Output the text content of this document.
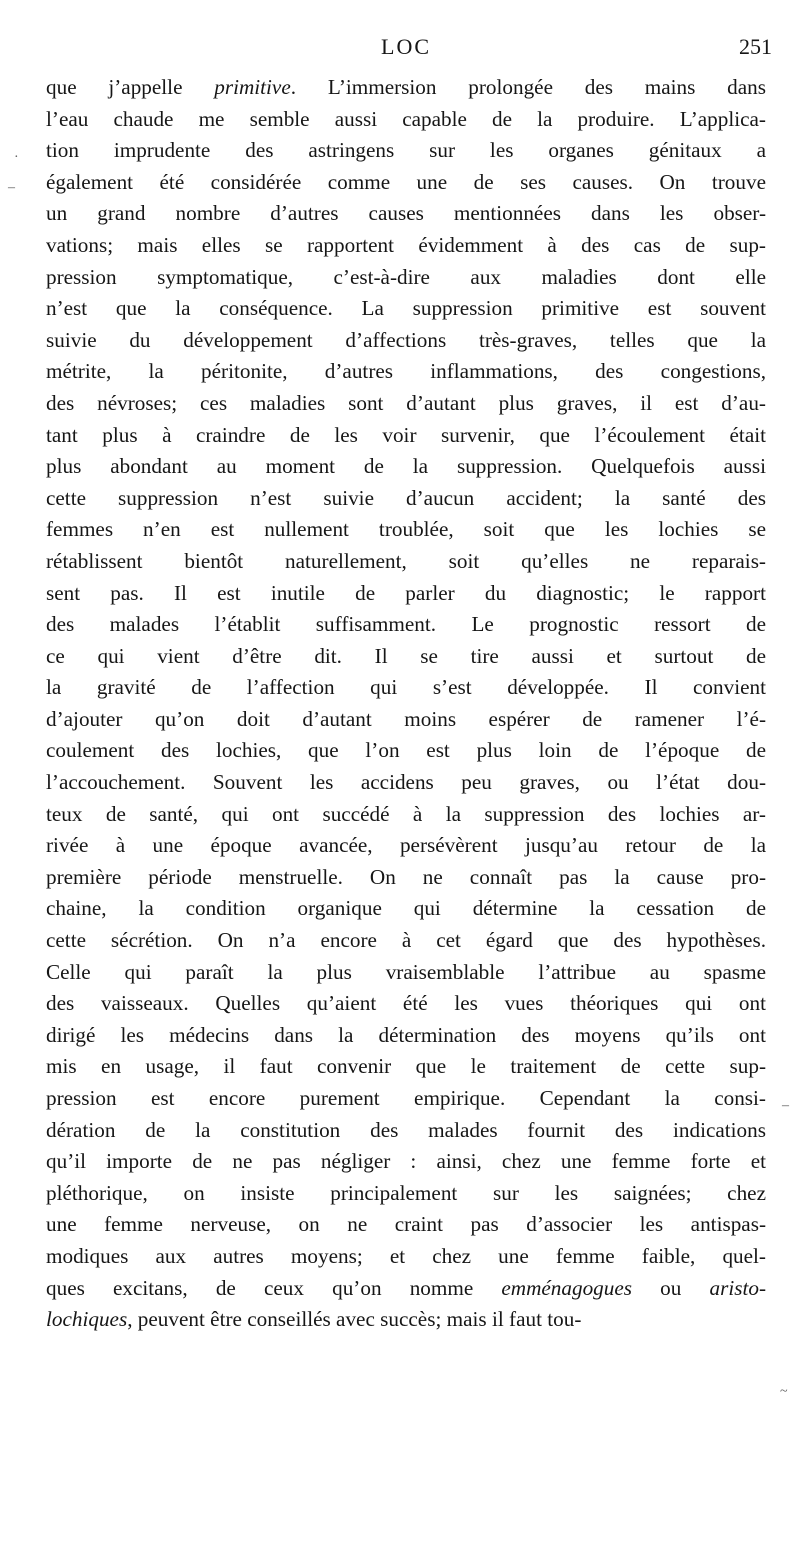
LOC	251
que j’appelle primitive. L’immersion prolongée des mains dans
l’eau chaude me semble aussi capable de la produire. L’applica-
tion imprudente des astringens sur les organes génitaux a
également été considérée comme une de ses causes. On trouve
un grand nombre d’autres causes mentionnées dans les obser-
vations; mais elles se rapportent évidemment à des cas de sup-
pression symptomatique, c’est-à-dire aux maladies dont elle
n’est que la conséquence. La suppression primitive est souvent
suivie du développement d’affections très-graves, telles que la
métrite, la péritonite, d’autres inflammations, des congestions,
des névroses; ces maladies sont d’autant plus graves, il est d’au-
tant plus à craindre de les voir survenir, que l’écoulement était
plus abondant au moment de la suppression. Quelquefois aussi
cette suppression n’est suivie d’aucun accident; la santé des
femmes n’en est nullement troublée, soit que les lochies se
rétablissent bientôt naturellement, soit qu’elles ne reparais-
sent pas. Il est inutile de parler du diagnostic; le rapport
des malades l’établit suffisamment. Le prognostic ressort de
ce qui vient d’être dit. Il se tire aussi et surtout de
la gravité de l’affection qui s’est développée. Il convient
d’ajouter qu’on doit d’autant moins espérer de ramener l’é-
coulement des lochies, que l’on est plus loin de l’époque de
l’accouchement. Souvent les accidens peu graves, ou l’état dou-
teux de santé, qui ont succédé à la suppression des lochies ar-
rivée à une époque avancée, persévèrent jusqu’au retour de la
première période menstruelle. On ne connaît pas la cause pro-
chaine, la condition organique qui détermine la cessation de
cette sécrétion. On n’a encore à cet égard que des hypothèses.
Celle qui paraît la plus vraisemblable l’attribue au spasme
des vaisseaux. Quelles qu’aient été les vues théoriques qui ont
dirigé les médecins dans la détermination des moyens qu’ils ont
mis en usage, il faut convenir que le traitement de cette sup-
pression est encore purement empirique. Cependant la consi-
dération de la constitution des malades fournit des indications
qu’il importe de ne pas négliger : ainsi, chez une femme forte et
pléthorique, on insiste principalement sur les saignées; chez
une femme nerveuse, on ne craint pas d’associer les antispas-
modiques aux autres moyens; et chez une femme faible, quel-
ques excitans, de ceux qu’on nomme emménagogues ou aristo-
lochiques, peuvent être conseillés avec succès; mais il faut tou-
·
–
–
~
